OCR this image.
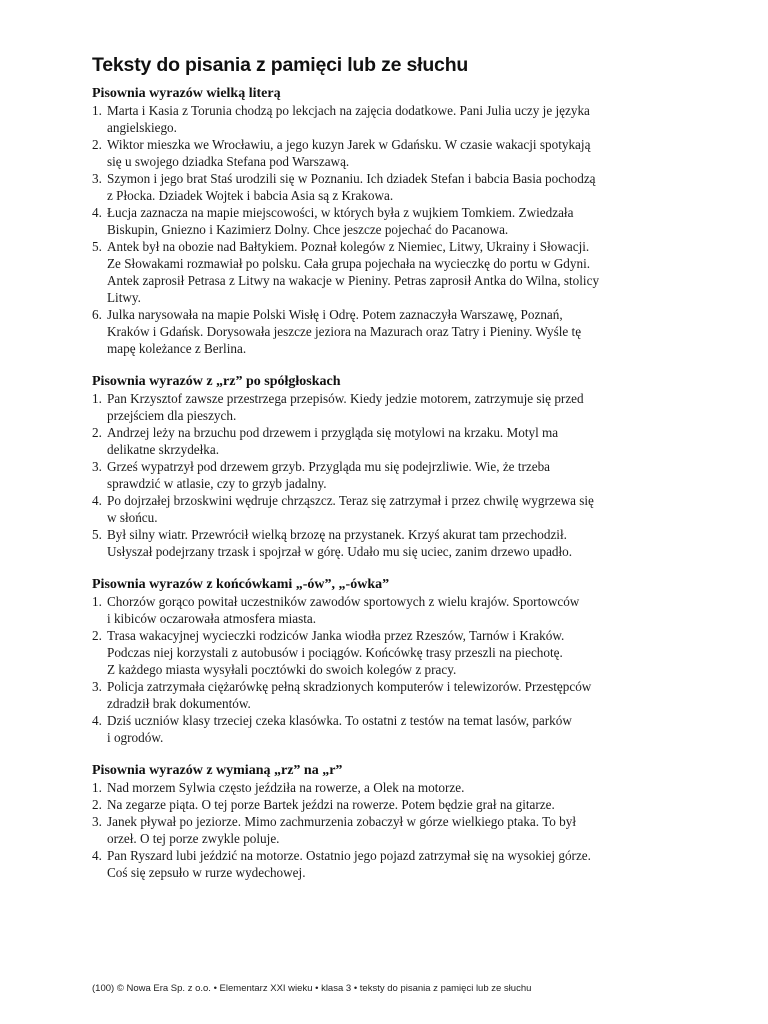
Teksty do pisania z pamięci lub ze słuchu
Pisownia wyrazów wielką literą
1. Marta i Kasia z Torunia chodzą po lekcjach na zajęcia dodatkowe. Pani Julia uczy je języka
angielskiego.
2. Wiktor mieszka we Wrocławiu, a jego kuzyn Jarek w Gdańsku. W czasie wakacji spotykają
się u swojego dziadka Stefana pod Warszawą.
3. Szymon i jego brat Staś urodzili się w Poznaniu. Ich dziadek Stefan i babcia Basia pochodzą
z Płocka. Dziadek Wojtek i babcia Asia są z Krakowa.
4. Łucja zaznacza na mapie miejscowości, w których była z wujkiem Tomkiem. Zwiedzała
Biskupin, Gniezno i Kazimierz Dolny. Chce jeszcze pojechać do Pacanowa.
5. Antek był na obozie nad Bałtykiem. Poznał kolegów z Niemiec, Litwy, Ukrainy i Słowacji.
Ze Słowakami rozmawiał po polsku. Cała grupa pojechała na wycieczkę do portu w Gdyni.
Antek zaprosił Petrasa z Litwy na wakacje w Pieniny. Petras zaprosił Antka do Wilna, stolicy
Litwy.
6. Julka narysowała na mapie Polski Wisłę i Odrę. Potem zaznaczyła Warszawę, Poznań,
Kraków i Gdańsk. Dorysowała jeszcze jeziora na Mazurach oraz Tatry i Pieniny. Wyśle tę
mapę koleżance z Berlina.
Pisownia wyrazów z „rz” po spółgłoskach
1. Pan Krzysztof zawsze przestrzega przepisów. Kiedy jedzie motorem, zatrzymuje się przed
przejściem dla pieszych.
2. Andrzej leży na brzuchu pod drzewem i przygląda się motylowi na krzaku. Motyl ma
delikatne skrzydełka.
3. Grześ wypatrzył pod drzewem grzyb. Przygląda mu się podejrzliwie. Wie, że trzeba
sprawdzić w atlasie, czy to grzyb jadalny.
4. Po dojrzałej brzoskwini wędruje chrząszcz. Teraz się zatrzymał i przez chwilę wygrzewa się
w słońcu.
5. Był silny wiatr. Przewrócił wielką brzozę na przystanek. Krzyś akurat tam przechodził.
Usłyszał podejrzany trzask i spojrzał w górę. Udało mu się uciec, zanim drzewo upadło.
Pisownia wyrazów z końcówkami „-ów”, „-ówka”
1. Chorzów gorąco powitał uczestników zawodów sportowych z wielu krajów. Sportowców
i kibiców oczarowała atmosfera miasta.
2. Trasa wakacyjnej wycieczki rodziców Janka wiodła przez Rzeszów, Tarnów i Kraków.
Podczas niej korzystali z autobusów i pociągów. Końcówkę trasy przeszli na piechotę.
Z każdego miasta wysyłali pocztówki do swoich kolegów z pracy.
3. Policja zatrzymała ciężarówkę pełną skradzionych komputerów i telewizorów. Przestępców
zdradził brak dokumentów.
4. Dziś uczniów klasy trzeciej czeka klasówka. To ostatni z testów na temat lasów, parków
i ogrodów.
Pisownia wyrazów z wymianą „rz” na „r”
1. Nad morzem Sylwia często jeździła na rowerze, a Olek na motorze.
2. Na zegarze piąta. O tej porze Bartek jeździ na rowerze. Potem będzie grał na gitarze.
3. Janek pływał po jeziorze. Mimo zachmurzenia zobaczył w górze wielkiego ptaka. To był
orzeł. O tej porze zwykle poluje.
4. Pan Ryszard lubi jeździć na motorze. Ostatnio jego pojazd zatrzymał się na wysokiej górze.
Coś się zepsuło w rurze wydechowej.
(100) © Nowa Era Sp. z o.o. • Elementarz XXI wieku • klasa 3 • teksty do pisania z pamięci lub ze słuchu
